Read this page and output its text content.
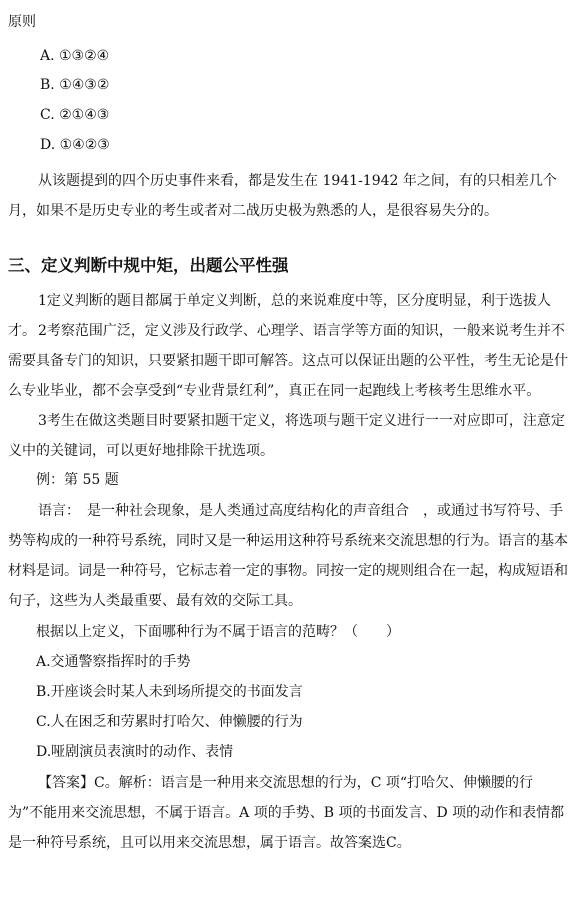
原则
A. ①③②④
B. ①④③②
C. ②①④③
D. ①④②③
从该题提到的四个历史事件来看，都是发生在 1941-1942 年之间，有的只相差几个月，如果不是历史专业的考生或者对二战历史极为熟悉的人，是很容易失分的。
三、定义判断中规中矩，出题公平性强
1定义判断的题目都属于单定义判断，总的来说难度中等，区分度明显，利于选拔人才。 2考察范围广泛，定义涉及行政学、心理学、语言学等方面的知识，一般来说考生并不需要具备专门的知识，只要紧扣题干即可解答。这点可以保证出题的公平性，考生无论是什么专业毕业，都不会享受到“专业背景红利”，真正在同一起跑线上考核考生思维水平。
3考生在做这类题目时要紧扣题干定义，将选项与题干定义进行一一对应即可，注意定义中的关键词，可以更好地排除干扰选项。
例：第 55 题
语言：　是一种社会现象，是人类通过高度结构化的声音组合　，或通过书写符号、手势等构成的一种符号系统，同时又是一种运用这种符号系统来交流思想的行为。语言的基本材料是词。词是一种符号，它标志着一定的事物。同按一定的规则组合在一起，构成短语和句子，这些为人类最重要、最有效的交际工具。
根据以上定义，下面哪种行为不属于语言的范畴？（　　）
A.交通警察指挥时的手势
B.开座谈会时某人未到场所提交的书面发言
C.人在困乏和劳累时打哈欠、伸懒腰的行为
D.哑剧演员表演时的动作、表情
【答案】C。解析：语言是一种用来交流思想的行为，C 项“打哈欠、伸懒腰的行为”不能用来交流思想，不属于语言。A 项的手势、B 项的书面发言、D 项的动作和表情都是一种符号系统，且可以用来交流思想，属于语言。故答案选C。
